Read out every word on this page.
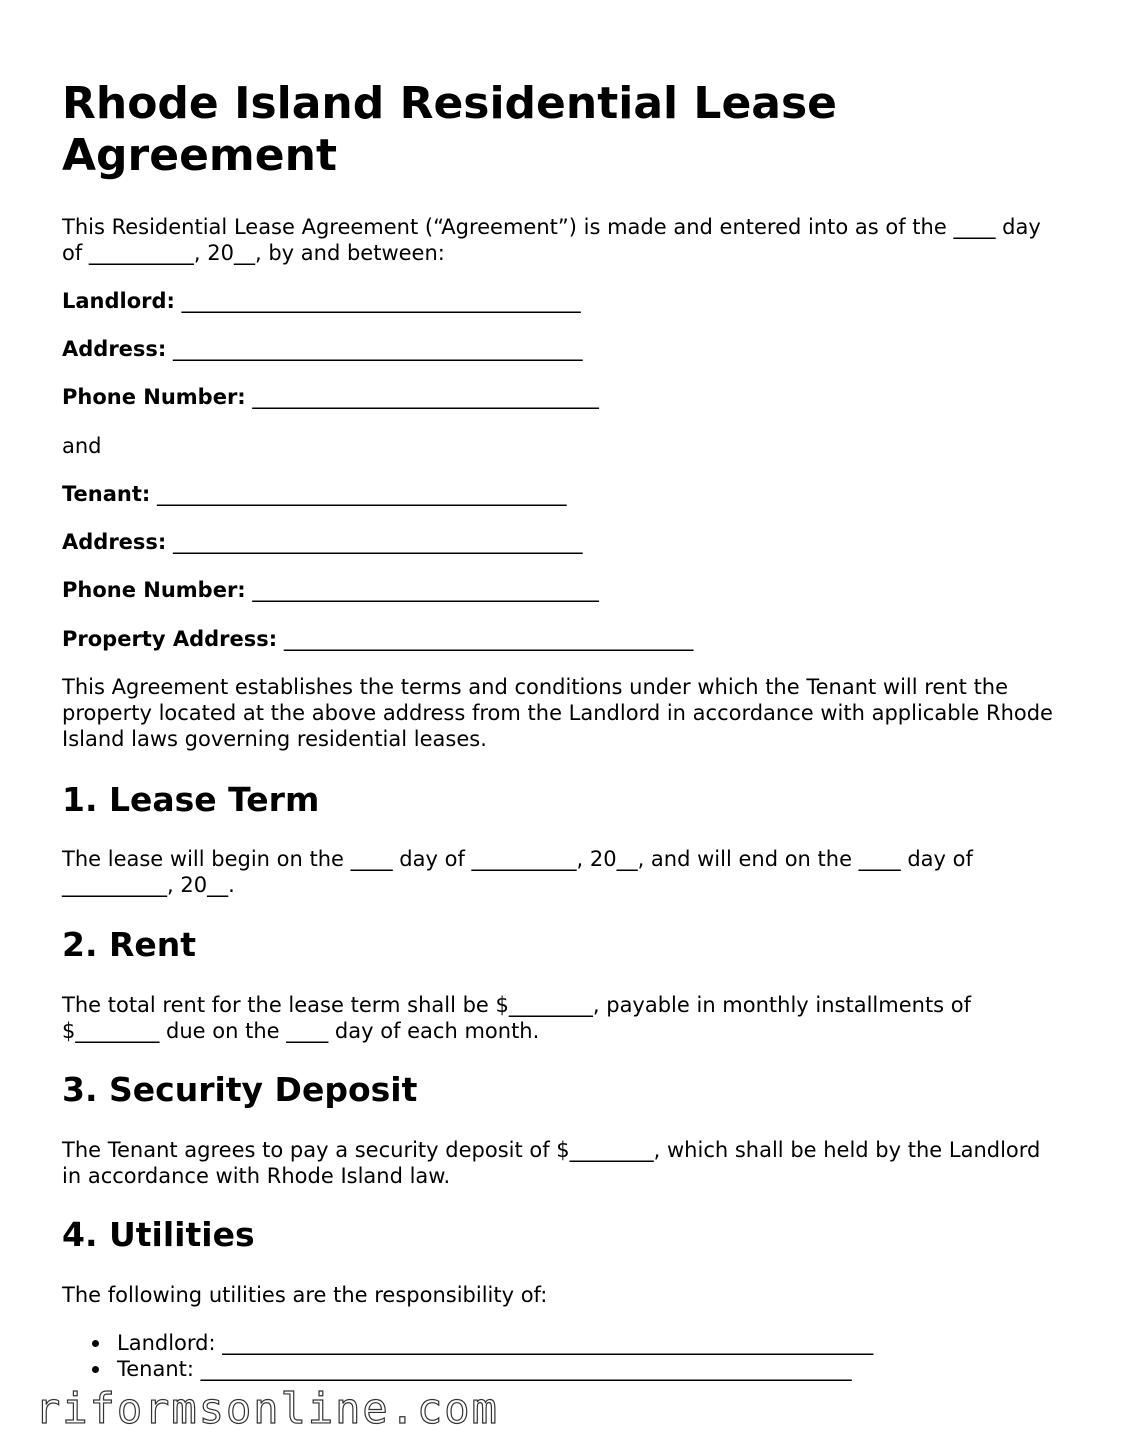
Rhode Island Residential Lease Agreement

This Residential Lease Agreement (“Agreement”) is made and entered into as of the ____ day of __________, 20__, by and between:

Landlord: ______________________________________

Address: _______________________________________

Phone Number: _________________________________

and

Tenant: _______________________________________

Address: _______________________________________

Phone Number: _________________________________

Property Address: _______________________________________

This Agreement establishes the terms and conditions under which the Tenant will rent the property located at the above address from the Landlord in accordance with applicable Rhode Island laws governing residential leases.

1. Lease Term

The lease will begin on the ____ day of __________, 20__, and will end on the ____ day of __________, 20__.

2. Rent

The total rent for the lease term shall be $________, payable in monthly installments of $________ due on the ____ day of each month.

3. Security Deposit

The Tenant agrees to pay a security deposit of $________, which shall be held by the Landlord in accordance with Rhode Island law.

4. Utilities

The following utilities are the responsibility of:

Landlord: ______________________________________________________________
Tenant: ______________________________________________________________
riformsonline.com
